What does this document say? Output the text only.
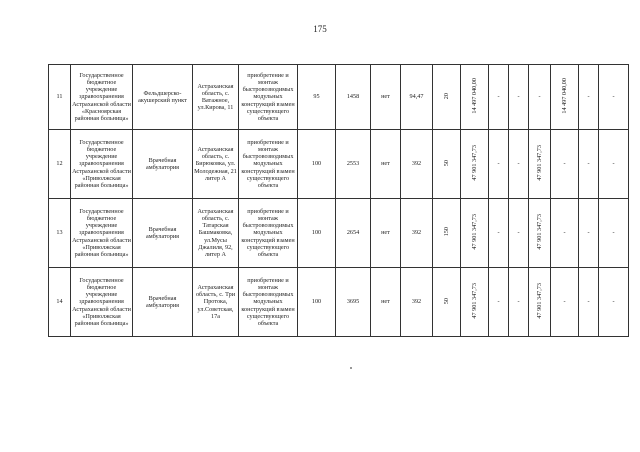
175
11	Государственное бюджетное учреждение здравоохранения Астраханской области «Красноярская районная больница»	Фельдшерско-акушерский пункт	Астраханская область, с. Ватажное, ул.Кирова, 11	приобретение и монтаж быстровозводимых модульных конструкций взамен существующего объекта	95	1458	нет	94,47	20	14 497 040,00	-	-	-	14 497 040,00	-	-
12	Государственное бюджетное учреждение здравоохранения Астраханской области «Приволжская районная больница»	Врачебная амбулатория	Астраханская область, с. Бирюковка, ул. Молодежная, 21 литер А	приобретение и монтаж быстровозводимых модульных конструкций взамен существующего объекта	100	2553	нет	392	50	47 901 347,73	-	-	47 901 347,73	-	-	-
13	Государственное бюджетное учреждение здравоохранения Астраханской области «Приволжская районная больница»	Врачебная амбулатория	Астраханская область, с. Татарская Башмаковка, ул.Мусы Джалиля, 92, литер А	приобретение и монтаж быстровозводимых модульных конструкций взамен существующего объекта	100	2654	нет	392	150	47 901 347,73	-	-	47 901 347,73	-	-	-
14	Государственное бюджетное учреждение здравоохранения Астраханской области «Приволжская районная больница»	Врачебная амбулатория	Астраханская область, с. Три Протока, ул.Советская, 17а	приобретение и монтаж быстровозводимых модульных конструкций взамен существующего объекта	100	3695	нет	392	50	47 901 347,73	-	-	47 901 347,73	-	-	-
